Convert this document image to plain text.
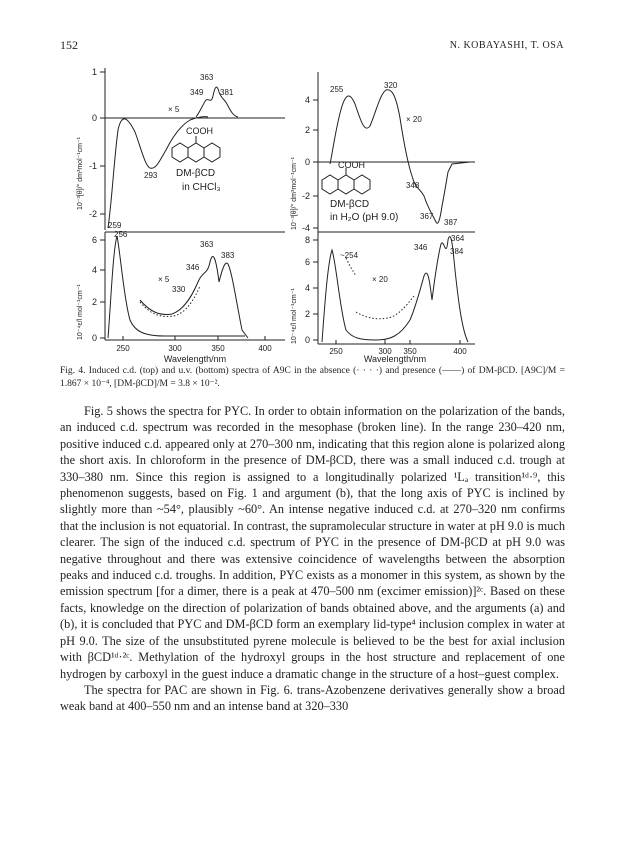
152	N. KOBAYASHI, T. OSA
1
0
-1
-2
6
4
2
0
4
2
0
-2
-4
8
6
4
2
0
250	300	350	400	250	300 350	400
Wavelength/nm	Wavelength/nm
10⁻³[θ]/° dm³mol⁻¹cm⁻¹
10⁻⁴ε/l mol⁻¹cm⁻¹
10⁻³[θ]/° dm³mol⁻¹cm⁻¹
10⁻⁴ε/l mol⁻¹cm⁻¹
363
349 381
× 5
293
259
256
363
346
383
× 5
330
255	320
× 20
348
367
387
364
384
346
~254
× 20
COOH
DM-βCD
in CHCl₃
COOH
DM-βCD
in H₂O (pH 9.0)
Fig. 4. Induced c.d. (top) and u.v. (bottom) spectra of A9C in the absence (· · · ·) and presence (——) of DM-βCD. [A9C]/M = 1.867 × 10⁻⁴, [DM-βCD]/M = 3.8 × 10⁻².

Fig. 5 shows the spectra for PYC. In order to obtain information on the polarization of the bands, an induced c.d. spectrum was recorded in the mesophase (broken line). In the range 230–420 nm, positive induced c.d. appeared only at 270–300 nm, indicating that this region alone is polarized along the short axis. In chloroform in the presence of DM-βCD, there was a small induced c.d. trough at 330–380 nm. Since this region is assigned to a longitudinally polarized ¹Lₐ transition¹ᵈ·⁹, this phenomenon suggests, based on Fig. 1 and argument (b), that the long axis of PYC is inclined by slightly more than ~54°, plausibly ~60°. An intense negative induced c.d. at 270–320 nm confirms that the inclusion is not equatorial. In contrast, the supramolecular structure in water at pH 9.0 is much clearer. The sign of the induced c.d. spectrum of PYC in the presence of DM-βCD at pH 9.0 was negative throughout and there was extensive coincidence of wavelengths between the absorption peaks and induced c.d. troughs. In addition, PYC exists as a monomer in this system, as shown by the emission spectrum [for a dimer, there is a peak at 470–500 nm (excimer emission)]²ᶜ. Based on these facts, knowledge on the direction of polarization of bands obtained above, and the arguments (a) and (b), it is concluded that PYC and DM-βCD form an exemplary lid-type⁴ inclusion complex in water at pH 9.0. The size of the unsubstituted pyrene molecule is believed to be the best for axial inclusion with βCD¹ᵈ·²ᶜ. Methylation of the hydroxyl groups in the host structure and replacement of one hydrogen by carboxyl in the guest induce a dramatic change in the structure of a host–guest complex.

The spectra for PAC are shown in Fig. 6. trans-Azobenzene derivatives generally show a broad weak band at 400–550 nm and an intense band at 320–330
